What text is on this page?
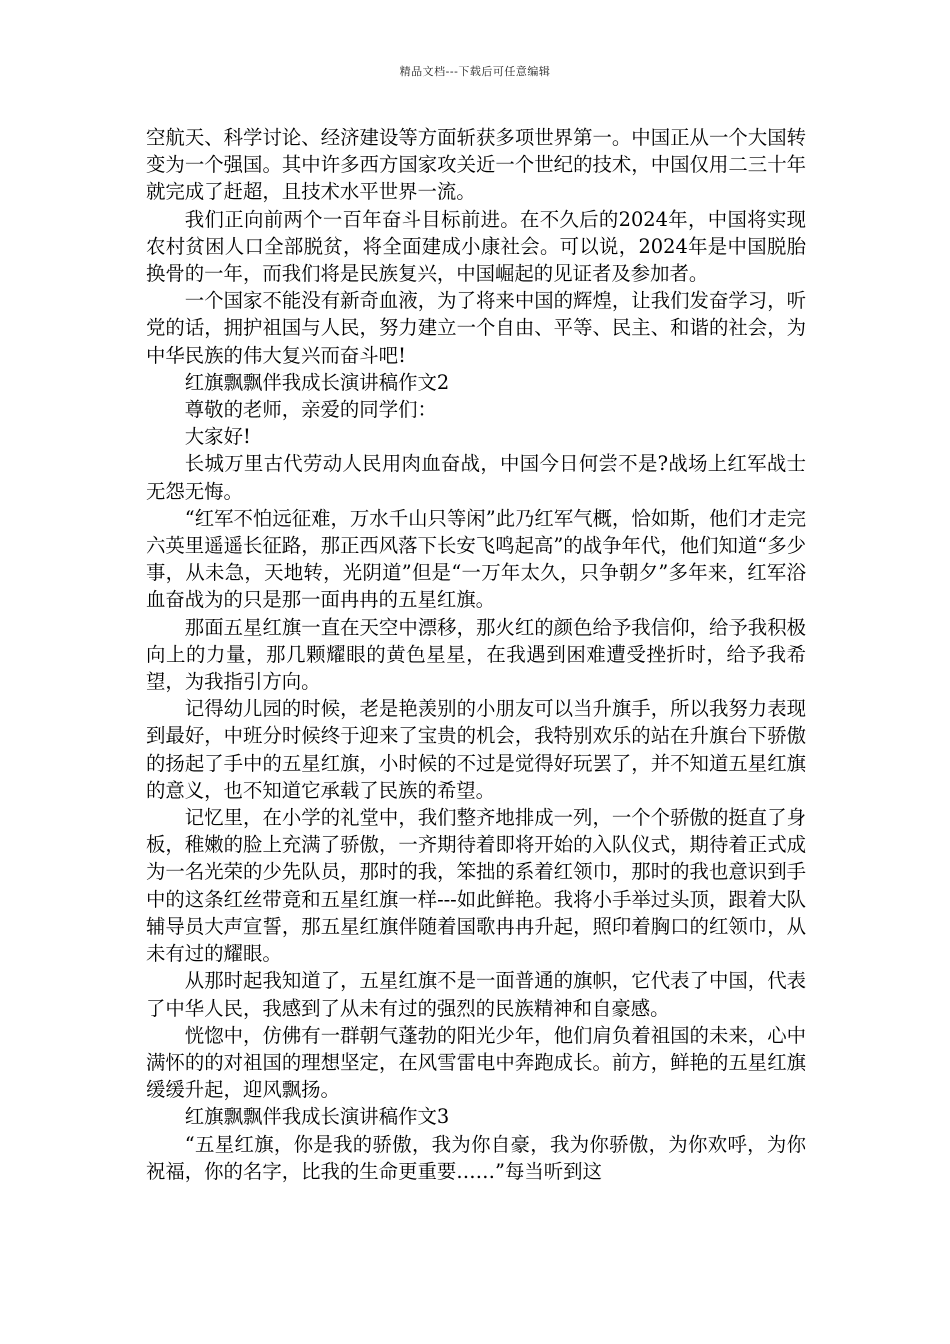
精品文档---下载后可任意编辑

空航天、科学讨论、经济建设等方面斩获多项世界第一。中国正从一个大国转变为一个强国。其中许多西方国家攻关近一个世纪的技术，中国仅用二三十年就完成了赶超，且技术水平世界一流。

我们正向前两个一百年奋斗目标前进。在不久后的2024年，中国将实现农村贫困人口全部脱贫，将全面建成小康社会。可以说，2024年是中国脱胎换骨的一年，而我们将是民族复兴，中国崛起的见证者及参加者。

一个国家不能没有新奇血液，为了将来中国的辉煌，让我们发奋学习，听党的话，拥护祖国与人民，努力建立一个自由、平等、民主、和谐的社会，为中华民族的伟大复兴而奋斗吧!

红旗飘飘伴我成长演讲稿作文2

尊敬的老师，亲爱的同学们：

大家好!

长城万里古代劳动人民用肉血奋战，中国今日何尝不是?战场上红军战士无怨无悔。

“红军不怕远征难，万水千山只等闲”此乃红军气概，恰如斯，他们才走完六英里遥遥长征路，那正西风落下长安飞鸣起高”的战争年代，他们知道“多少事，从未急，天地转，光阴道”但是“一万年太久，只争朝夕”多年来，红军浴血奋战为的只是那一面冉冉的五星红旗。

那面五星红旗一直在天空中漂移，那火红的颜色给予我信仰，给予我积极向上的力量，那几颗耀眼的黄色星星，在我遇到困难遭受挫折时，给予我希望，为我指引方向。

记得幼儿园的时候，老是艳羡别的小朋友可以当升旗手，所以我努力表现到最好，中班分时候终于迎来了宝贵的机会，我特别欢乐的站在升旗台下骄傲的扬起了手中的五星红旗，小时候的不过是觉得好玩罢了，并不知道五星红旗的意义，也不知道它承载了民族的希望。

记忆里，在小学的礼堂中，我们整齐地排成一列，一个个骄傲的挺直了身板，稚嫩的脸上充满了骄傲，一齐期待着即将开始的入队仪式，期待着正式成为一名光荣的少先队员，那时的我，笨拙的系着红领巾，那时的我也意识到手中的这条红丝带竟和五星红旗一样---如此鲜艳。我将小手举过头顶，跟着大队辅导员大声宣誓，那五星红旗伴随着国歌冉冉升起，照印着胸口的红领巾，从未有过的耀眼。

从那时起我知道了，五星红旗不是一面普通的旗帜，它代表了中国，代表了中华人民，我感到了从未有过的强烈的民族精神和自豪感。

恍惚中，仿佛有一群朝气蓬勃的阳光少年，他们肩负着祖国的未来，心中满怀的的对祖国的理想坚定，在风雪雷电中奔跑成长。前方，鲜艳的五星红旗缓缓升起，迎风飘扬。

红旗飘飘伴我成长演讲稿作文3

“五星红旗，你是我的骄傲，我为你自豪，我为你骄傲，为你欢呼，为你祝福，你的名字，比我的生命更重要……”每当听到这
